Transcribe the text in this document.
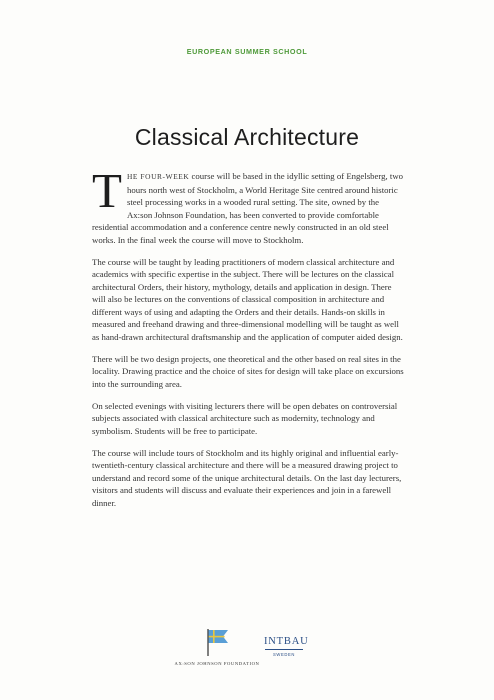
EUROPEAN SUMMER SCHOOL
Classical Architecture

THE FOUR-WEEK course will be based in the idyllic setting of Engelsberg, two hours north west of Stockholm, a World Heritage Site centred around historic steel processing works in a wooded rural setting. The site, owned by the Ax:son Johnson Foundation, has been converted to provide comfortable residential accommodation and a conference centre newly constructed in an old steel works. In the final week the course will move to Stockholm.

The course will be taught by leading practitioners of modern classical architecture and academics with specific expertise in the subject. There will be lectures on the classical architectural Orders, their history, mythology, details and application in design. There will also be lectures on the conventions of classical composition in architecture and different ways of using and adapting the Orders and their details. Hands-on skills in measured and freehand drawing and three-dimensional modelling will be taught as well as hand-drawn architectural draftsmanship and the application of computer aided design.

There will be two design projects, one theoretical and the other based on real sites in the locality. Drawing practice and the choice of sites for design will take place on excursions into the surrounding area.

On selected evenings with visiting lecturers there will be open debates on controversial subjects associated with classical architecture such as modernity, technology and symbolism. Students will be free to participate.

The course will include tours of Stockholm and its highly original and influential early-twentieth-century classical architecture and there will be a measured drawing project to understand and record some of the unique architectural details. On the last day lecturers, visitors and students will discuss and evaluate their experiences and join in a farewell dinner.

AX:SON JOHNSON FOUNDATION
INTBAU
SWEDEN
